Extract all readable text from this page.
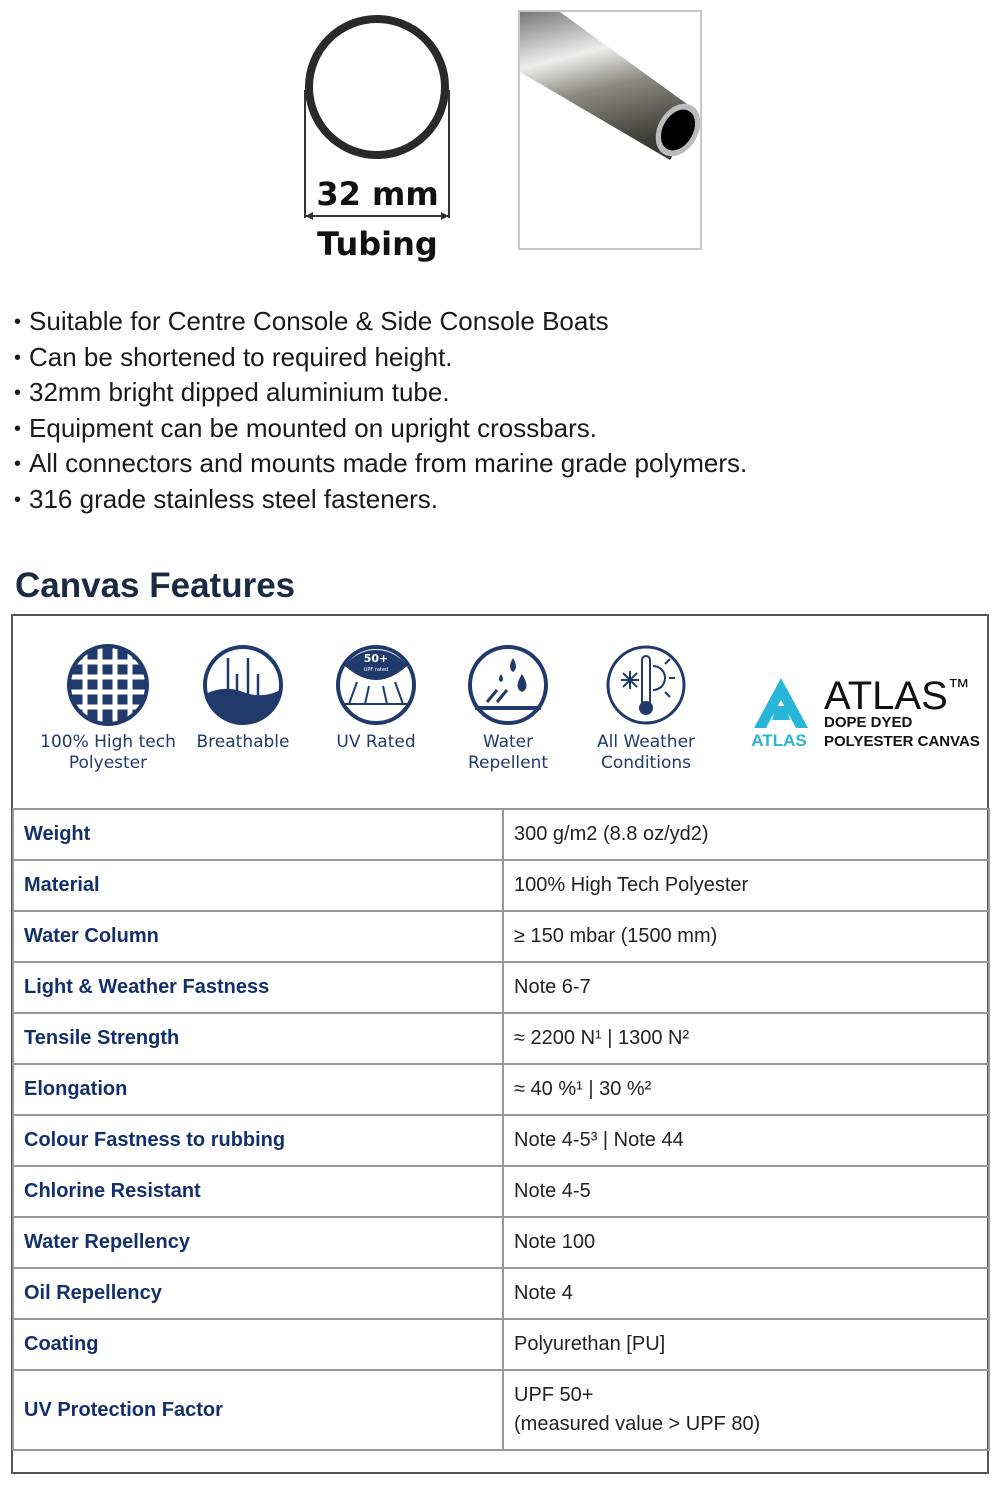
32 mm
Tubing
• Suitable for Centre Console & Side Console Boats
• Can be shortened to required height.
• 32mm bright dipped aluminium tube.
• Equipment can be mounted on upright crossbars.
• All connectors and mounts made from marine grade polymers.
• 316 grade stainless steel fasteners.
Canvas Features
100% High tech
Polyester
Breathable
50+
UPF rated
UV Rated	Water
Repellent
All Weather
Conditions
ATLAS
ATLAS™
DOPE DYED
POLYESTER CANVAS
Weight	300 g/m2 (8.8 oz/yd2)
Material	100% High Tech Polyester
Water Column	≥ 150 mbar (1500 mm)
Light & Weather Fastness	Note 6-7
Tensile Strength	≈ 2200 N¹ | 1300 N²
Elongation	≈ 40 %¹ | 30 %²
Colour Fastness to rubbing	Note 4-5³ | Note 44
Chlorine Resistant	Note 4-5
Water Repellency	Note 100
Oil Repellency	Note 4
Coating	Polyurethan [PU]
UV Protection Factor	UPF 50+
(measured value > UPF 80)
